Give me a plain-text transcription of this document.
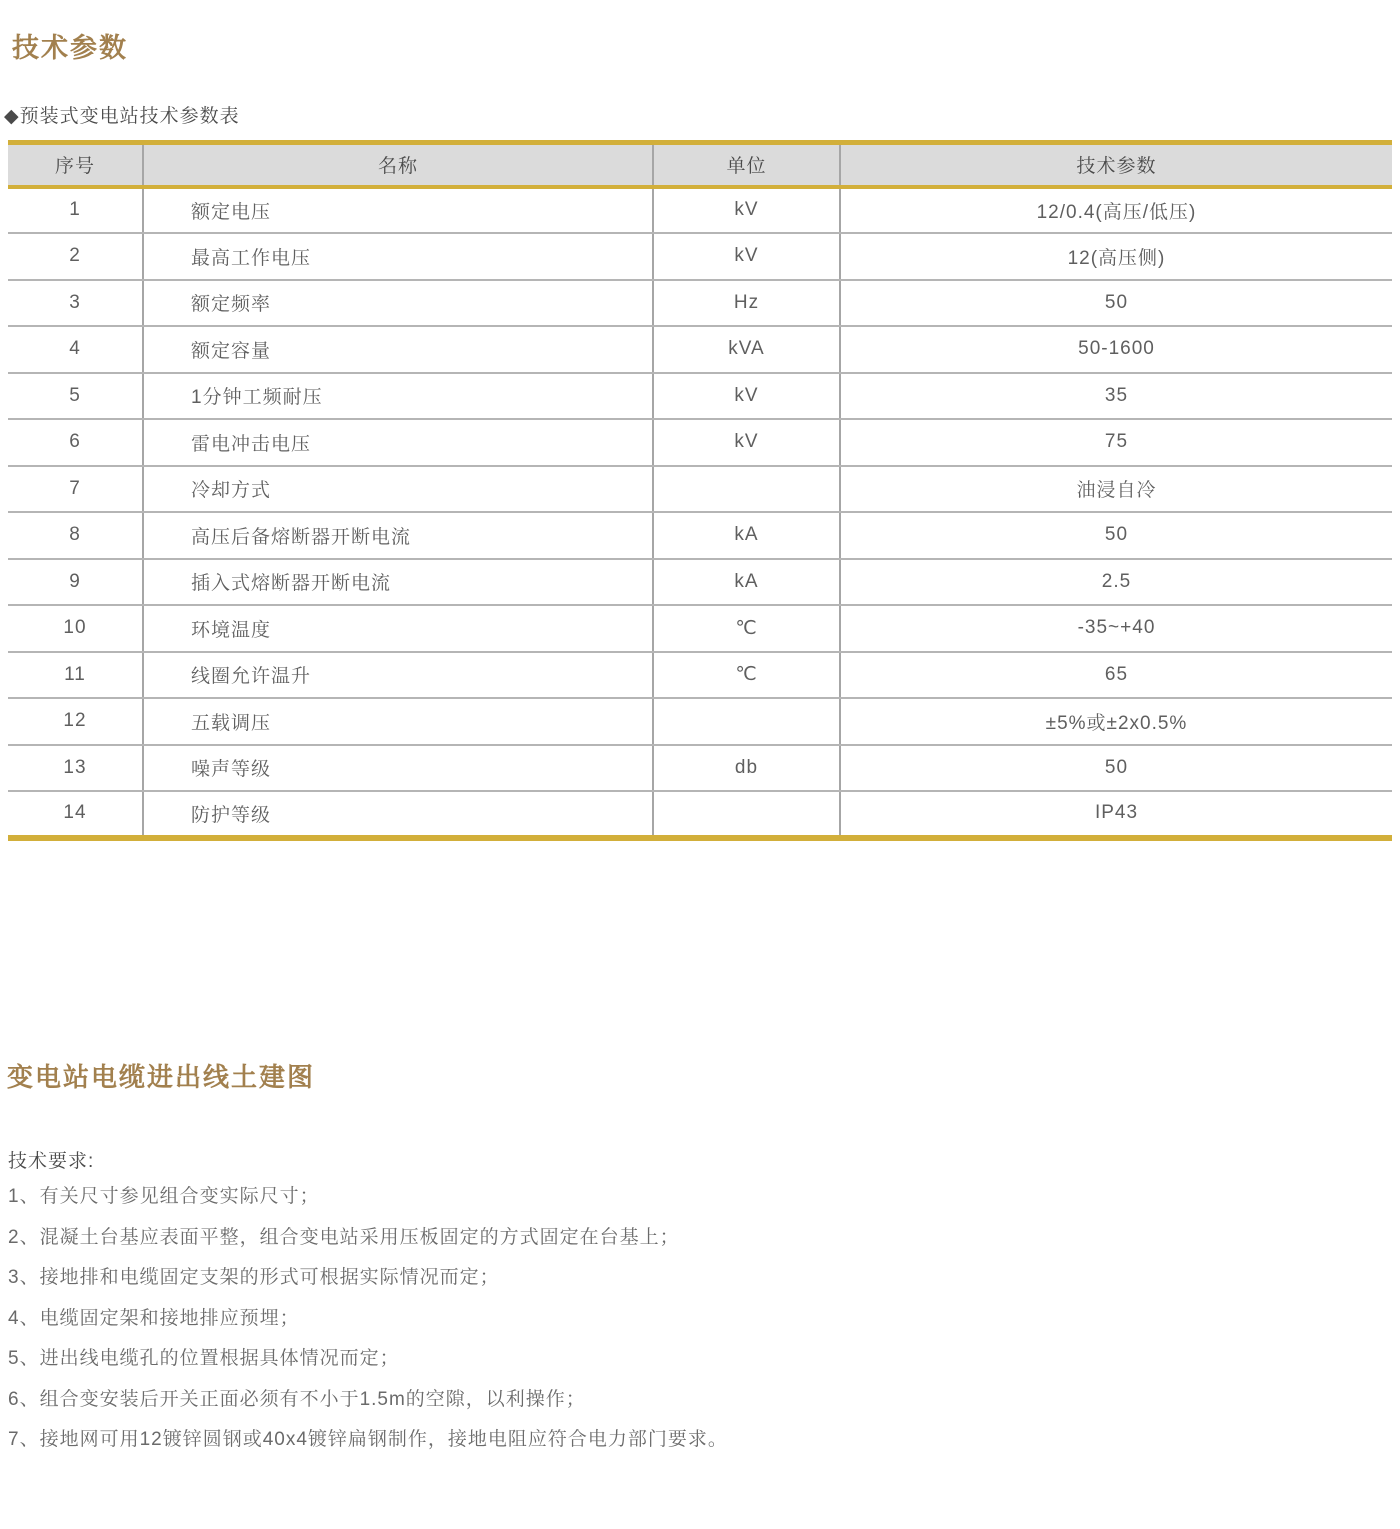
技术参数
◆预装式变电站技术参数表
序号	名称	单位	技术参数
1	额定电压	kV	12/0.4(高压/低压)
2	最高工作电压	kV	12(高压侧)
3	额定频率	Hz	50
4	额定容量	kVA	50-1600
5	1分钟工频耐压	kV	35
6	雷电冲击电压	kV	75
7	冷却方式		油浸自冷
8	高压后备熔断器开断电流	kA	50
9	插入式熔断器开断电流	kA	2.5
10	环境温度	℃	-35~+40
11	线圈允许温升	℃	65
12	五载调压		±5%或±2x0.5%
13	噪声等级	db	50
14	防护等级		IP43
变电站电缆进出线土建图
技术要求:
1、有关尺寸参见组合变实际尺寸；
2、混凝土台基应表面平整，组合变电站采用压板固定的方式固定在台基上；
3、接地排和电缆固定支架的形式可根据实际情况而定；
4、电缆固定架和接地排应预埋；
5、进出线电缆孔的位置根据具体情况而定；
6、组合变安装后开关正面必须有不小于1.5m的空隙，以利操作；
7、接地网可用12镀锌圆钢或40x4镀锌扁钢制作，接地电阻应符合电力部门要求。
